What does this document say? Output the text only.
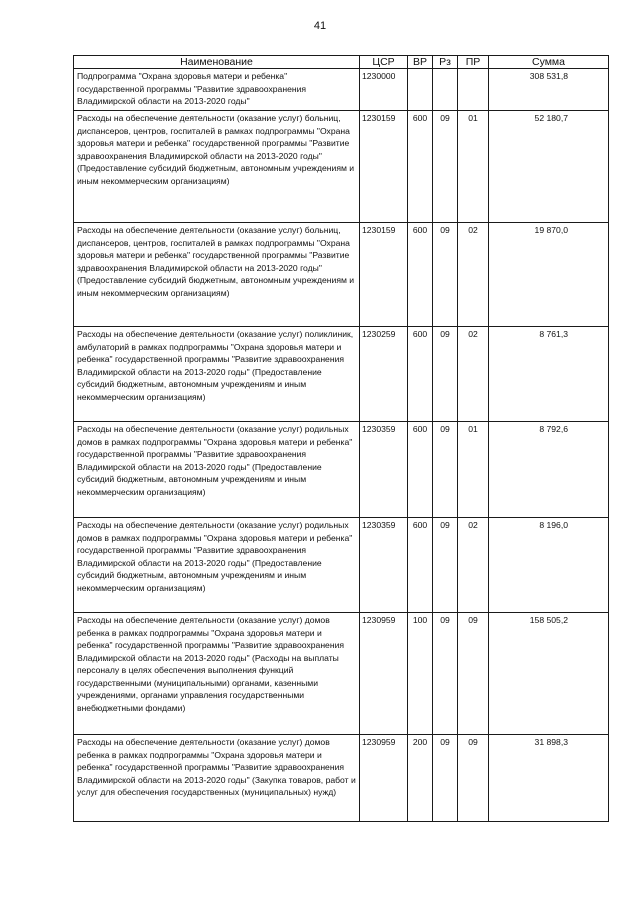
41
Наименование	ЦСР	ВР	Рз	ПР	Сумма
Подпрограмма "Охрана здоровья матери и ребенка" государственной программы "Развитие здравоохранения Владимирской области на 2013-2020 годы"	1230000				308 531,8
Расходы на обеспечение деятельности (оказание услуг) больниц, диспансеров, центров, госпиталей в рамках подпрограммы "Охрана здоровья матери и ребенка" государственной программы "Развитие здравоохранения Владимирской области на 2013-2020 годы" (Предоставление субсидий бюджетным, автономным учреждениям и иным некоммерческим организациям)	1230159	600	09	01	52 180,7
Расходы на обеспечение деятельности (оказание услуг) больниц, диспансеров, центров, госпиталей в рамках подпрограммы "Охрана здоровья матери и ребенка" государственной программы "Развитие здравоохранения Владимирской области на 2013-2020 годы" (Предоставление субсидий бюджетным, автономным учреждениям и иным некоммерческим организациям)	1230159	600	09	02	19 870,0
Расходы на обеспечение деятельности (оказание услуг) поликлиник, амбулаторий в рамках подпрограммы "Охрана здоровья матери и ребенка" государственной программы "Развитие здравоохранения Владимирской области на 2013-2020 годы" (Предоставление субсидий бюджетным, автономным учреждениям и иным некоммерческим организациям)	1230259	600	09	02	8 761,3
Расходы на обеспечение деятельности (оказание услуг) родильных домов в рамках подпрограммы "Охрана здоровья матери и ребенка" государственной программы "Развитие здравоохранения Владимирской области на 2013-2020 годы" (Предоставление субсидий бюджетным, автономным учреждениям и иным некоммерческим организациям)	1230359	600	09	01	8 792,6
Расходы на обеспечение деятельности (оказание услуг) родильных домов в рамках подпрограммы "Охрана здоровья матери и ребенка" государственной программы "Развитие здравоохранения Владимирской области на 2013-2020 годы" (Предоставление субсидий бюджетным, автономным учреждениям и иным некоммерческим организациям)	1230359	600	09	02	8 196,0
Расходы на обеспечение деятельности (оказание услуг) домов ребенка в рамках подпрограммы "Охрана здоровья матери и ребенка" государственной программы "Развитие здравоохранения Владимирской области на 2013-2020 годы" (Расходы на выплаты персоналу в целях обеспечения выполнения функций государственными (муниципальными) органами, казенными учреждениями, органами управления государственными внебюджетными фондами)	1230959	100	09	09	158 505,2
Расходы на обеспечение деятельности (оказание услуг) домов ребенка в рамках подпрограммы "Охрана здоровья матери и ребенка" государственной программы "Развитие здравоохранения Владимирской области на 2013-2020 годы" (Закупка товаров, работ и услуг для обеспечения государственных (муниципальных) нужд)	1230959	200	09	09	31 898,3
